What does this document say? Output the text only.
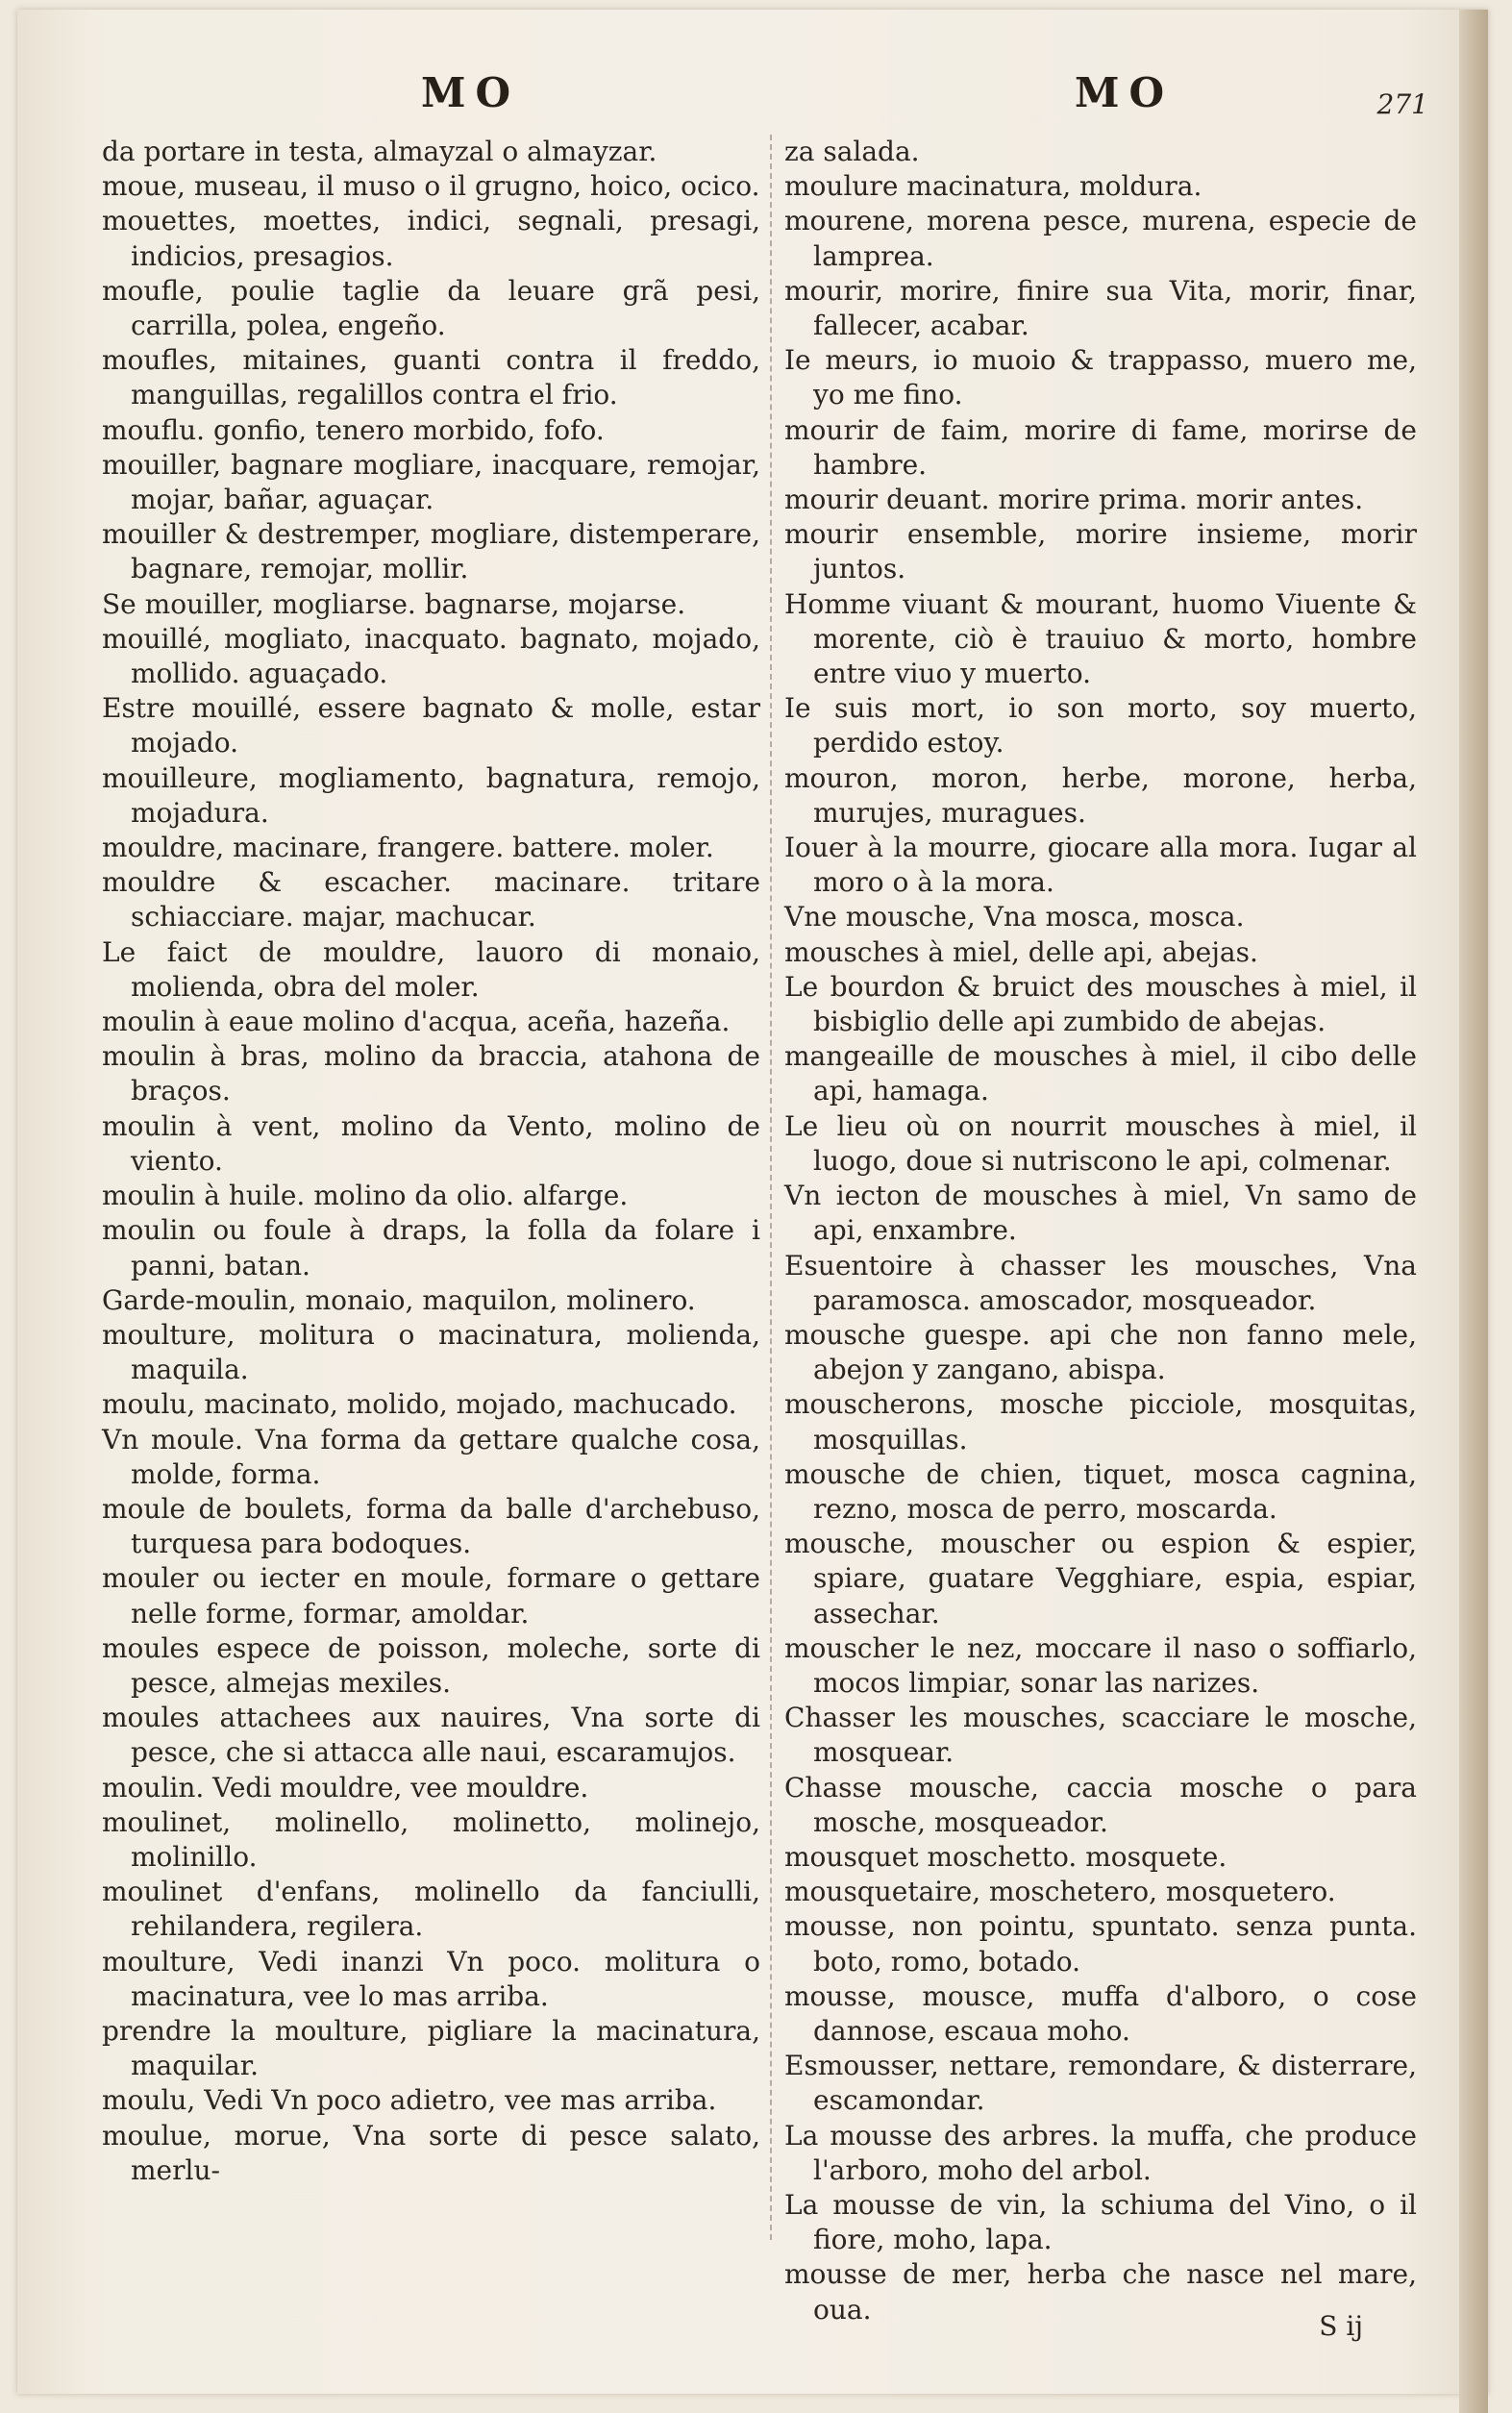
MO	MO	271

da portare in testa, almayzal o almayzar.

moue, museau, il muso o il grugno, hoico, ocico.

mouettes, moettes, indici, segnali, presagi, indicios, presagios.

moufle, poulie taglie da leuare grã pesi, carrilla, polea, engeño.

moufles, mitaines, guanti contra il freddo, manguillas, regalillos contra el frio.

mouflu. gonfio, tenero morbido, fofo.

mouiller, bagnare mogliare, inacquare, remojar, mojar, bañar, aguaçar.

mouiller & destremper, mogliare, distemperare, bagnare, remojar, mollir.

Se mouiller, mogliarse. bagnarse, mojarse.

mouillé, mogliato, inacquato. bagnato, mojado, mollido. aguaçado.

Estre mouillé, essere bagnato & molle, estar mojado.

mouilleure, mogliamento, bagnatura, remojo, mojadura.

mouldre, macinare, frangere. battere. moler.

mouldre & escacher. macinare. tritare schiacciare. majar, machucar.

Le faict de mouldre, lauoro di monaio, molienda, obra del moler.

moulin à eaue molino d'acqua, aceña, hazeña.

moulin à bras, molino da braccia, atahona de braços.

moulin à vent, molino da Vento, molino de viento.

moulin à huile. molino da olio. alfarge.

moulin ou foule à draps, la folla da folare i panni, batan.

Garde-moulin, monaio, maquilon, molinero.

moulture, molitura o macinatura, molienda, maquila.

moulu, macinato, molido, mojado, machucado.

Vn moule. Vna forma da gettare qualche cosa, molde, forma.

moule de boulets, forma da balle d'archebuso, turquesa para bodoques.

mouler ou iecter en moule, formare o gettare nelle forme, formar, amoldar.

moules espece de poisson, moleche, sorte di pesce, almejas mexiles.

moules attachees aux nauires, Vna sorte di pesce, che si attacca alle naui, escaramujos.

moulin. Vedi mouldre, vee mouldre.

moulinet, molinello, molinetto, molinejo, molinillo.

moulinet d'enfans, molinello da fanciulli, rehilandera, regilera.

moulture, Vedi inanzi Vn poco. molitura o macinatura, vee lo mas arriba.

prendre la moulture, pigliare la macinatura, maquilar.

moulu, Vedi Vn poco adietro, vee mas arriba.

moulue, morue, Vna sorte di pesce salato, merlu-

za salada.

moulure macinatura, moldura.

mourene, morena pesce, murena, especie de lamprea.

mourir, morire, finire sua Vita, morir, finar, fallecer, acabar.

Ie meurs, io muoio & trappasso, muero me, yo me fino.

mourir de faim, morire di fame, morirse de hambre.

mourir deuant. morire prima. morir antes.

mourir ensemble, morire insieme, morir juntos.

Homme viuant & mourant, huomo Viuente & morente, ciò è trauiuo & morto, hombre entre viuo y muerto.

Ie suis mort, io son morto, soy muerto, perdido estoy.

mouron, moron, herbe, morone, herba, murujes, muragues.

Iouer à la mourre, giocare alla mora. Iugar al moro o à la mora.

Vne mousche, Vna mosca, mosca.

mousches à miel, delle api, abejas.

Le bourdon & bruict des mousches à miel, il bisbiglio delle api zumbido de abejas.

mangeaille de mousches à miel, il cibo delle api, hamaga.

Le lieu où on nourrit mousches à miel, il luogo, doue si nutriscono le api, colmenar.

Vn iecton de mousches à miel, Vn samo de api, enxambre.

Esuentoire à chasser les mousches, Vna paramosca. amoscador, mosqueador.

mousche guespe. api che non fanno mele, abejon y zangano, abispa.

mouscherons, mosche picciole, mosquitas, mosquillas.

mousche de chien, tiquet, mosca cagnina, rezno, mosca de perro, moscarda.

mousche, mouscher ou espion & espier, spiare, guatare Vegghiare, espia, espiar, assechar.

mouscher le nez, moccare il naso o soffiarlo, mocos limpiar, sonar las narizes.

Chasser les mousches, scacciare le mosche, mosquear.

Chasse mousche, caccia mosche o para mosche, mosqueador.

mousquet moschetto. mosquete.

mousquetaire, moschetero, mosquetero.

mousse, non pointu, spuntato. senza punta. boto, romo, botado.

mousse, mousce, muffa d'alboro, o cose dannose, escaua moho.

Esmousser, nettare, remondare, & disterrare, escamondar.

La mousse des arbres. la muffa, che produce l'arboro, moho del arbol.

La mousse de vin, la schiuma del Vino, o il fiore, moho, lapa.

mousse de mer, herba che nasce nel mare, oua.

S ij
